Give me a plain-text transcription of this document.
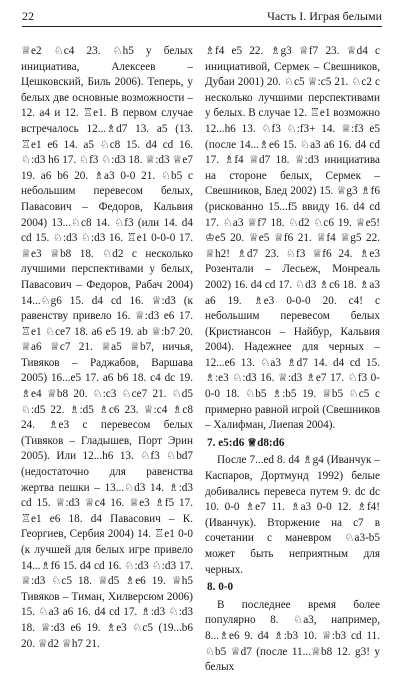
22	Часть I. Играя белыми

♕e2 ♘c4 23. ♘h5 у белых инициатива, Алексеев – Цешковский, Биль 2006). Теперь, у белых две основные возможности – 12. a4 и 12. ♖e1. В первом случае встречалось 12...♗d7 13. a5 (13. ♖e1 e6 14. a5 ♘c8 15. d4 cd 16. ♘:d3 h6 17. ♘f3 ♘:d3 18. ♕:d3 ♕e7 19. a6 b6 20. ♗a3 0-0 21. ♘b5 с небольшим перевесом белых, Павасович – Федоров, Кальвия 2004) 13...♘c8 14. ♘f3 (или 14. d4 cd 15. ♘:d3 ♘:d3 16. ♖e1 0-0-0 17. ♕e3 ♕b8 18. ♘d2 с несколько лучшими перспективами у белых, Павасович – Федоров, Рабач 2004) 14...♘g6 15. d4 cd 16. ♕:d3 (к равенству привело 16. ♕:d3 e6 17. ♖e1 ♘ce7 18. a6 e5 19. ab ♕:b7 20. ♕a6 ♕c7 21. ♕a5 ♕b7, ничья, Тивяков – Раджабов, Варшава 2005) 16...e5 17. a6 b6 18. c4 dc 19. ♗e4 ♕b8 20. ♘:c3 ♘ce7 21. ♘d5 ♘:d5 22. ♗:d5 ♗c6 23. ♕:c4 ♗c8 24. ♗e3 с перевесом белых (Тивяков – Гладышев, Порт Эрин 2005). Или 12...h6 13. ♘f3 ♘bd7 (недостаточно для равенства жертва пешки – 13...♘d3 14. ♗:d3 cd 15. ♕:d3 ♕c4 16. ♕e3 ♗f5 17. ♖e1 e6 18. d4 Павасович – К. Георгиев, Сербия 2004) 14. ♖e1 0-0 (к лучшей для белых игре привело 14...♗f6 15. d4 cd 16. ♘:d3 ♘:d3 17. ♕:d3 ♘c5 18. ♕d5 ♗e6 19. ♕h5 Тивяков – Тиман, Хилверсюм 2006) 15. ♘a3 a6 16. d4 cd 17. ♗:d3 ♘:d3 18. ♕:d3 e6 19. ♗e3 ♘c5 (19...b6 20. ♕d2 ♕h7 21.

♗f4 e5 22. ♗g3 ♕f7 23. ♕d4 с инициативой, Сермек – Свешников, Дубаи 2001) 20. ♘c5 ♕:c5 21. ♘c2 с несколько лучшими перспективами у белых. В случае 12. ♖e1 возможно 12...h6 13. ♘f3 ♘:f3+ 14. ♕:f3 e5 (после 14...♗e6 15. ♘a3 a6 16. d4 cd 17. ♗f4 ♕d7 18. ♕:d3 инициатива на стороне белых, Сермек – Свешников, Блед 2002) 15. ♕g3 ♗f6 (рискованно 15...f5 ввиду 16. d4 cd 17. ♘a3 ♕f7 18. ♘d2 ♘c6 19. ♕e5! ♔e5 20. ♕e5 ♕f6 21. ♕f4 ♕g5 22. ♕h2! ♗d7 23. ♘f3 ♕f6 24. ♗e3 Розентали – Лесьеж, Монреаль 2002) 16. d4 cd 17. ♘d3 ♗c6 18. ♗a3 a6 19. ♗e3 0-0-0 20. c4! с небольшим перевесом белых (Кристиансон – Найбур, Кальвия 2004). Надежнее для черных – 12...e6 13. ♘a3 ♗d7 14. d4 cd 15. ♗:e3 ♘:d3 16. ♕:d3 ♗e7 17. ♘f3 0-0-0 18. ♘b5 ♗:b5 19. ♕b5 ♘c5 с примерно равной игрой (Свешников – Халифман, Лиепая 2004).

7. e5:d6 ♕d8:d6

После 7...ed 8. d4 ♗g4 (Иванчук – Каспаров, Дортмунд 1992) белые добивались перевеса путем 9. dc dc 10. 0-0 ♗e7 11. ♗a3 0-0 12. ♗f4! (Иванчук). Вторжение на c7 в сочетании с маневром ♘a3-b5 может быть неприятным для черных.

8. 0-0

В последнее время более популярно 8. ♘a3, например, 8...♗e6 9. d4 ♗:b3 10. ♕:b3 cd 11. ♘b5 ♕d7 (после 11...♕b8 12. g3! у белых
